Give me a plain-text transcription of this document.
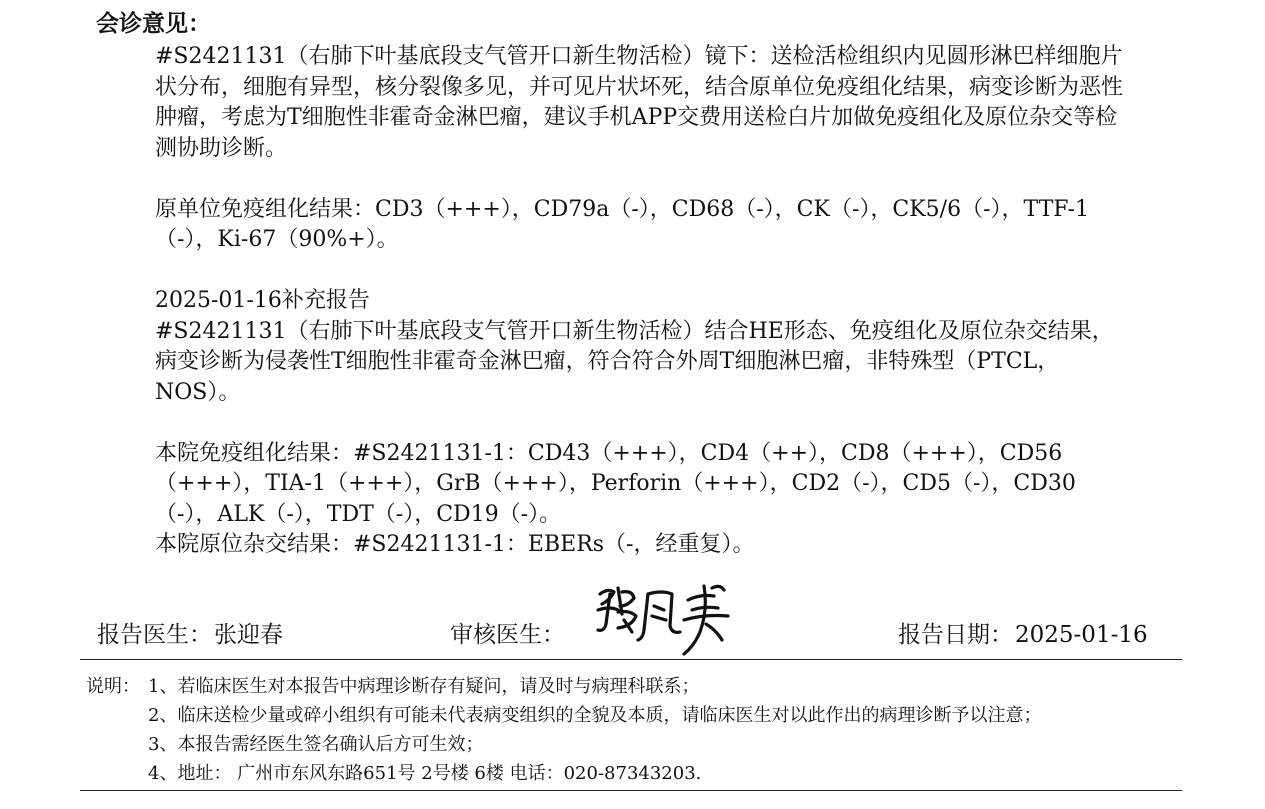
会诊意见：

#S2421131（右肺下叶基底段支气管开口新生物活检）镜下：送检活检组织内见圆形淋巴样细胞片状分布，细胞有异型，核分裂像多见，并可见片状坏死，结合原单位免疫组化结果，病变诊断为恶性肿瘤，考虑为T细胞性非霍奇金淋巴瘤，建议手机APP交费用送检白片加做免疫组化及原位杂交等检测协助诊断。

原单位免疫组化结果：CD3（+++），CD79a（-），CD68（-），CK（-），CK5/6（-），TTF-1（-），Ki-67（90%+）。

2025-01-16补充报告

#S2421131（右肺下叶基底段支气管开口新生物活检）结合HE形态、免疫组化及原位杂交结果，病变诊断为侵袭性T细胞性非霍奇金淋巴瘤，符合符合外周T细胞淋巴瘤，非特殊型（PTCL，NOS）。

本院免疫组化结果：#S2421131-1：CD43（+++），CD4（++），CD8（+++），CD56（+++），TIA-1（+++），GrB（+++），Perforin（+++），CD2（-），CD5（-），CD30（-），ALK（-），TDT（-），CD19（-）。

本院原位杂交结果：#S2421131-1：EBERs（-，经重复）。

报告医生：张迎春	审核医生：	报告日期：2025-01-16
说明： 1、若临床医生对本报告中病理诊断存有疑问，请及时与病理科联系；
2、临床送检少量或碎小组织有可能未代表病变组织的全貌及本质，请临床医生对以此作出的病理诊断予以注意；
3、本报告需经医生签名确认后方可生效；
4、地址： 广州市东风东路651号 2号楼 6楼 电话：020-87343203.
